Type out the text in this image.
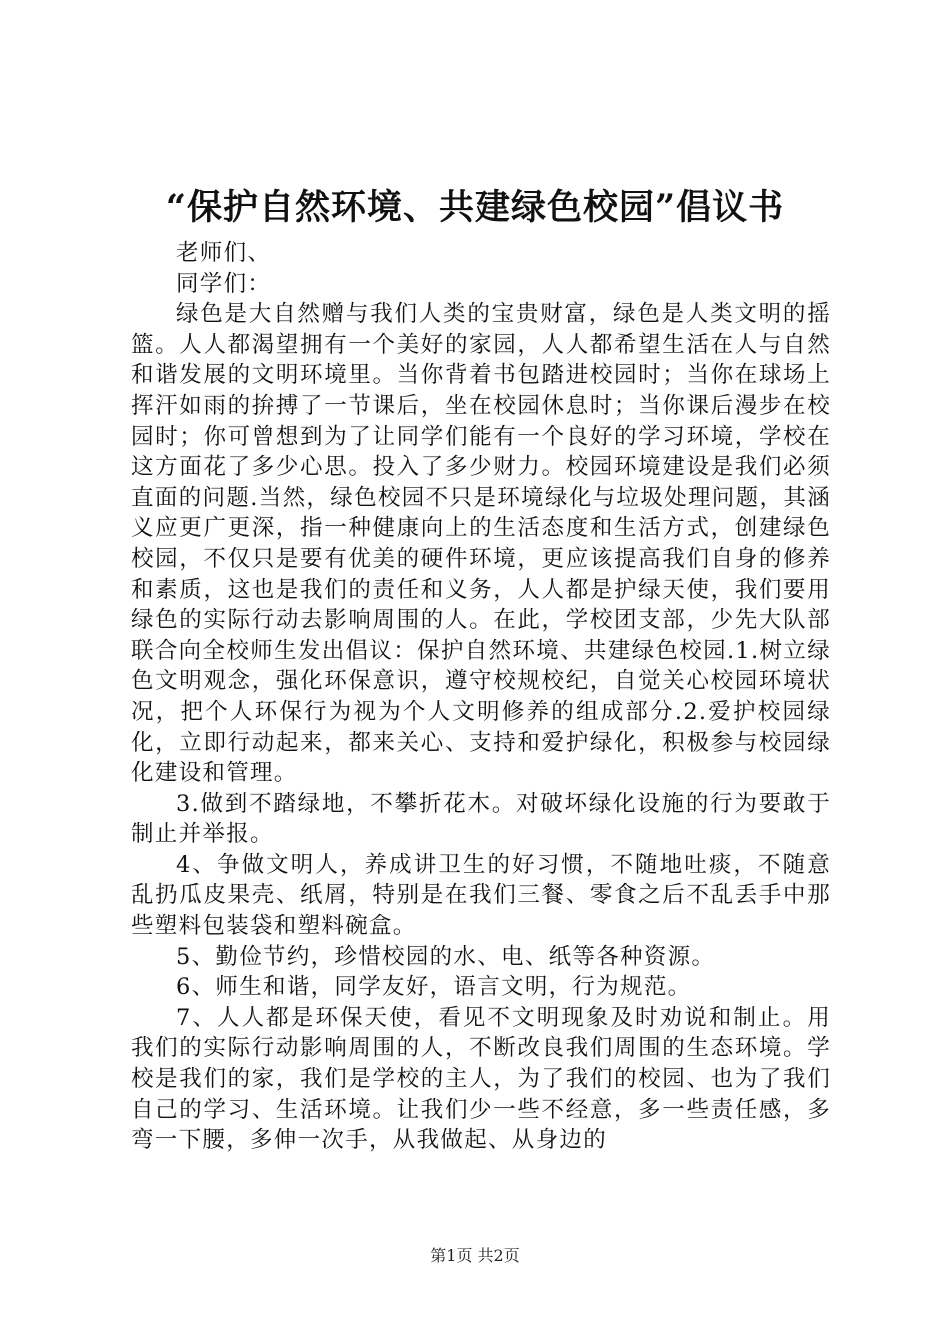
“保护自然环境、共建绿色校园”倡议书

老师们、

同学们：

绿色是大自然赠与我们人类的宝贵财富，绿色是人类文明的摇篮。人人都渴望拥有一个美好的家园，人人都希望生活在人与自然和谐发展的文明环境里。当你背着书包踏进校园时；当你在球场上挥汗如雨的拚搏了一节课后，坐在校园休息时；当你课后漫步在校园时；你可曾想到为了让同学们能有一个良好的学习环境，学校在这方面花了多少心思。投入了多少财力。校园环境建设是我们必须直面的问题.当然，绿色校园不只是环境绿化与垃圾处理问题，其涵义应更广更深，指一种健康向上的生活态度和生活方式，创建绿色校园，不仅只是要有优美的硬件环境，更应该提高我们自身的修养和素质，这也是我们的责任和义务，人人都是护绿天使，我们要用绿色的实际行动去影响周围的人。在此，学校团支部，少先大队部联合向全校师生发出倡议：保护自然环境、共建绿色校园.1.树立绿色文明观念，强化环保意识，遵守校规校纪，自觉关心校园环境状况，把个人环保行为视为个人文明修养的组成部分.2.爱护校园绿化，立即行动起来，都来关心、支持和爱护绿化，积极参与校园绿化建设和管理。

3.做到不踏绿地，不攀折花木。对破坏绿化设施的行为要敢于制止并举报。

4、争做文明人，养成讲卫生的好习惯，不随地吐痰，不随意乱扔瓜皮果壳、纸屑，特别是在我们三餐、零食之后不乱丢手中那些塑料包装袋和塑料碗盒。

5、勤俭节约，珍惜校园的水、电、纸等各种资源。

6、师生和谐，同学友好，语言文明，行为规范。

7、人人都是环保天使，看见不文明现象及时劝说和制止。用我们的实际行动影响周围的人，不断改良我们周围的生态环境。学校是我们的家，我们是学校的主人，为了我们的校园、也为了我们自己的学习、生活环境。让我们少一些不经意，多一些责任感，多弯一下腰，多伸一次手，从我做起、从身边的

第1页 共2页
